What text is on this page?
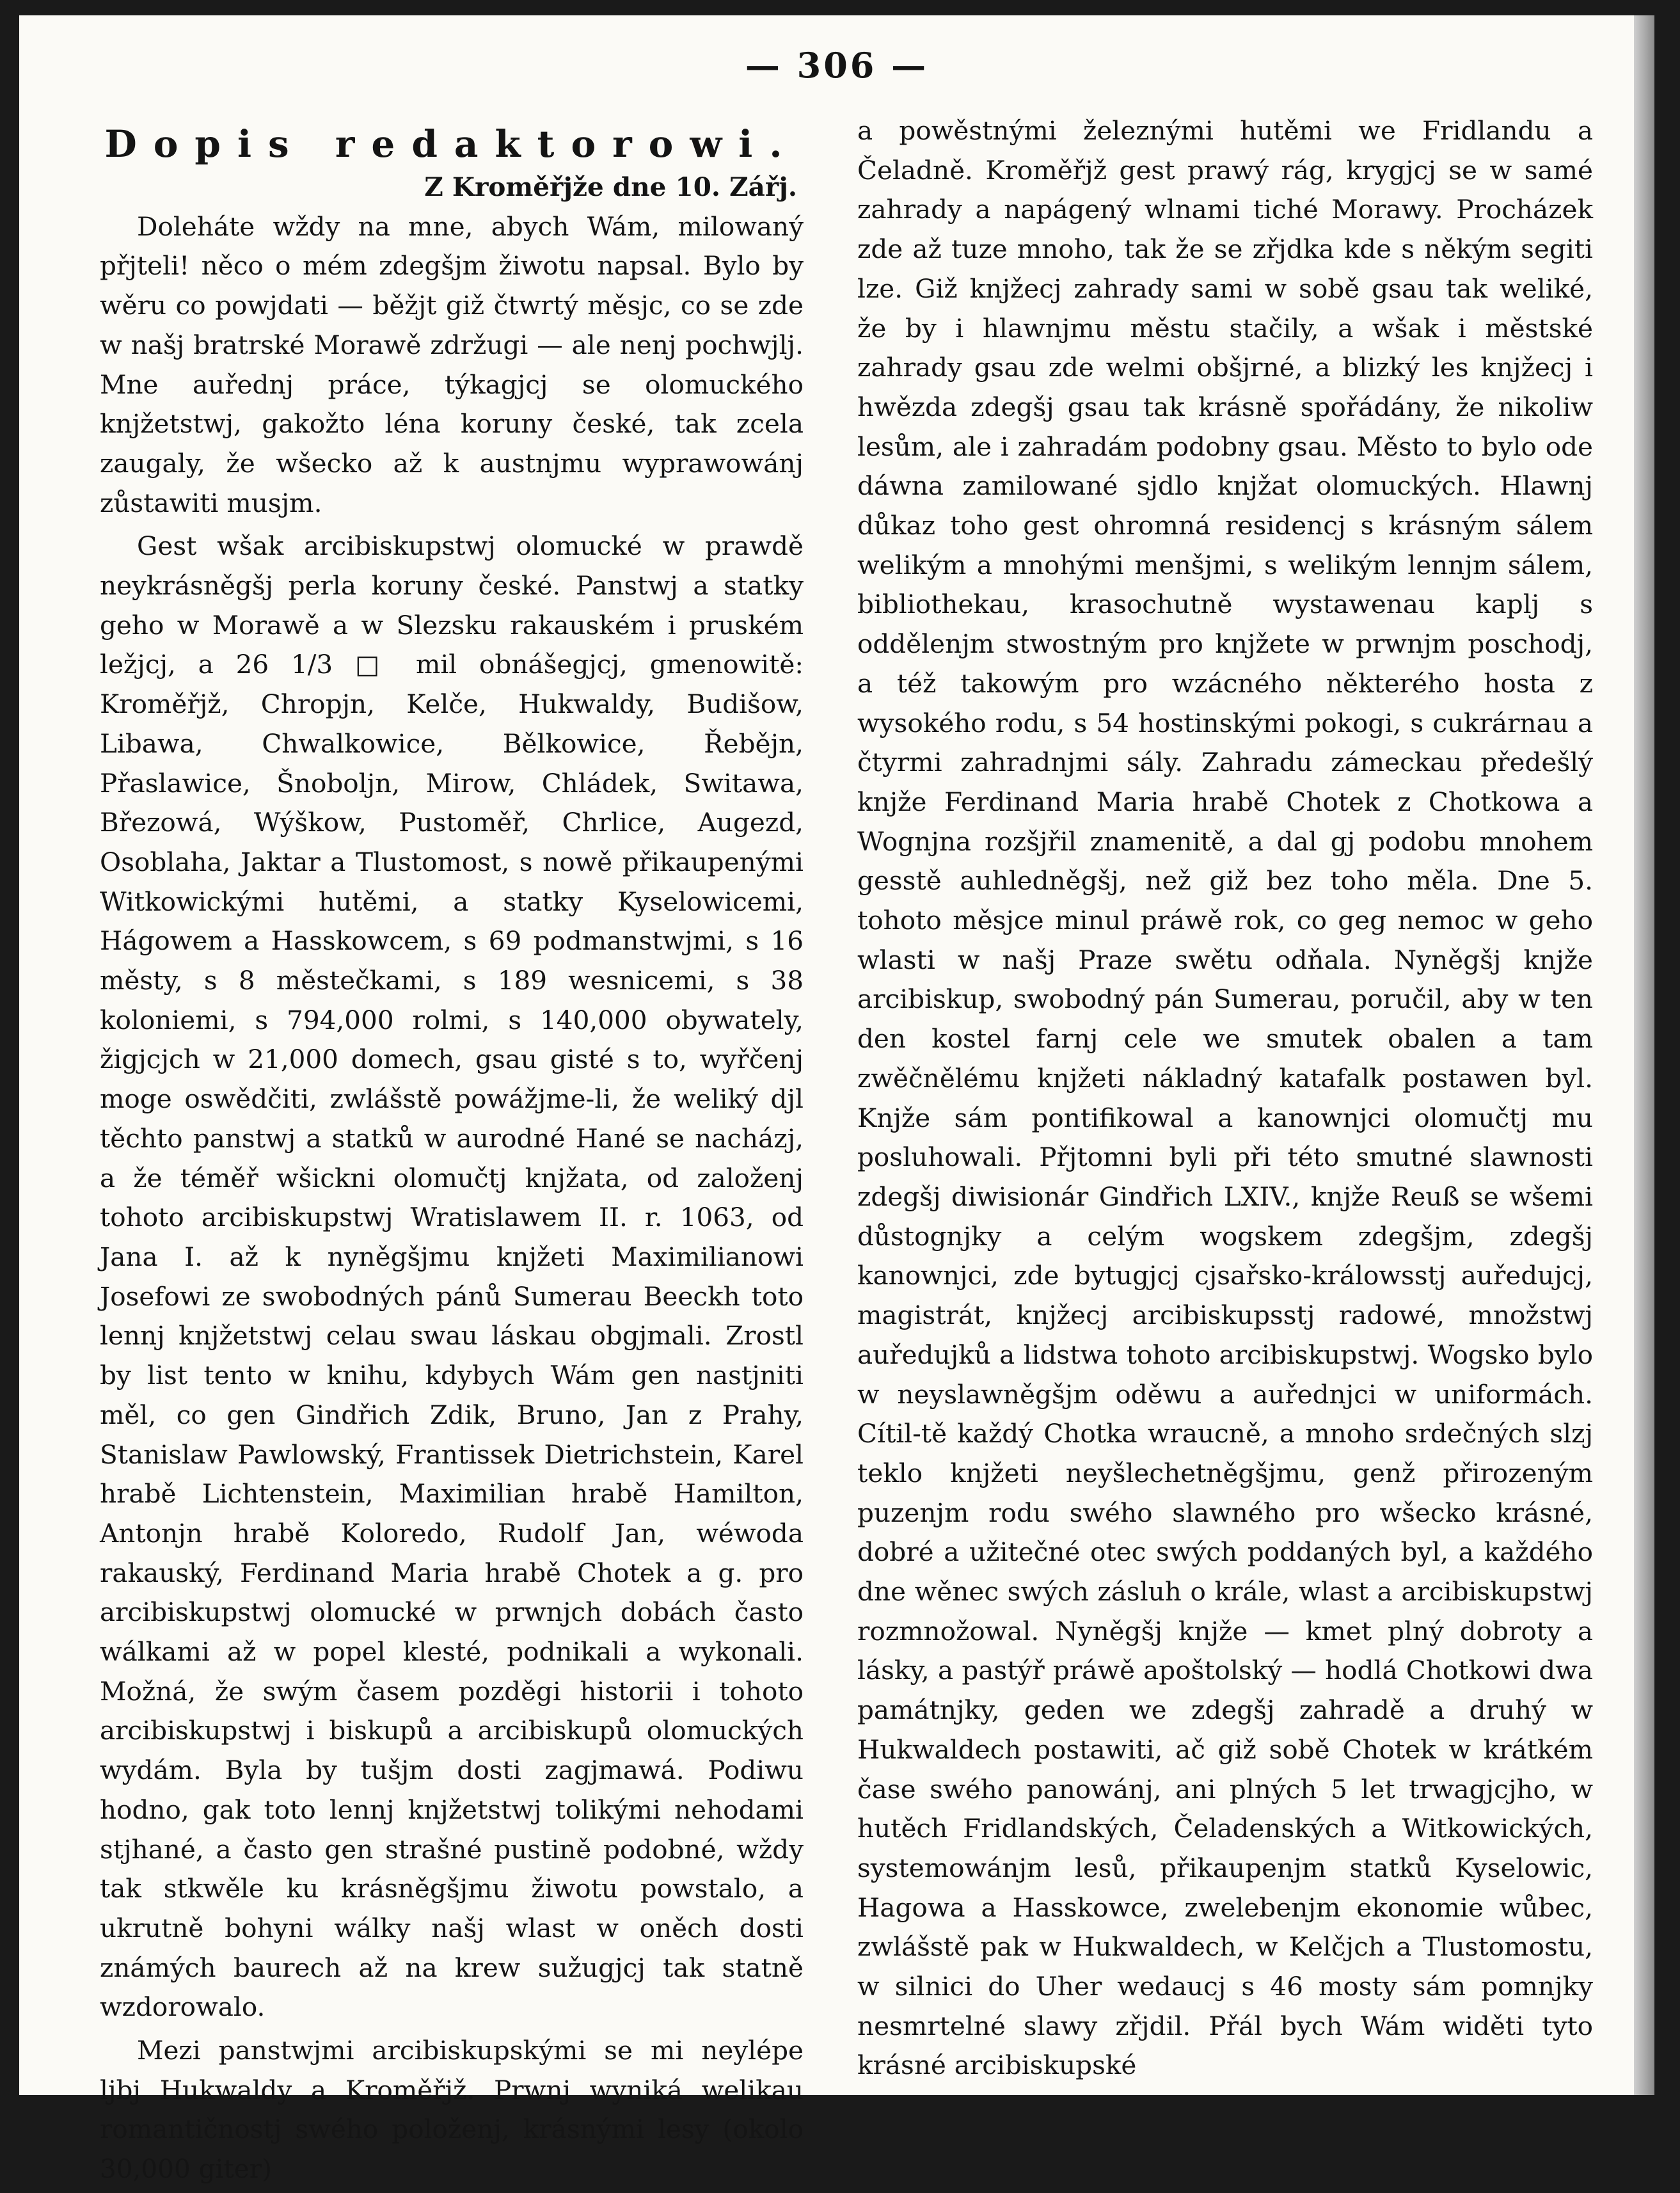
— 306 —
Dopis redaktorowi.

Z Kroměřjže dne 10. Zářj.

Doleháte wždy na mne, abych Wám, milowaný přjteli! něco o mém zdegšjm žiwotu napsal. Bylo by wěru co powjdati — běžjt giž čtwrtý měsjc, co se zde w našj bratrské Morawě zdržugi — ale nenj pochwjlj. Mne auřednj práce, týkagjcj se olomuckého knjžetstwj, gakožto léna koruny české, tak zcela zaugaly, že wšecko až k austnjmu wyprawowánj zůstawiti musjm.

Gest wšak arcibiskupstwj olomucké w prawdě neykrásněgšj perla koruny české. Panstwj a statky geho w Morawě a w Slezsku rakauském i pruském ležjcj, a 26 1/3 □ mil obnášegjcj, gmenowitě: Kroměřjž, Chropjn, Kelče, Hukwaldy, Budišow, Libawa, Chwalkowice, Bělkowice, Řebějn, Přaslawice, Šnoboljn, Mirow, Chládek, Switawa, Březowá, Wýškow, Pustoměř, Chrlice, Augezd, Osoblaha, Jaktar a Tlustomost, s nowě přikaupenými Witkowickými hutěmi, a statky Kyselowicemi, Hágowem a Hasskowcem, s 69 podmanstwjmi, s 16 městy, s 8 městečkami, s 189 wesnicemi, s 38 koloniemi, s 794,000 rolmi, s 140,000 obywately, žigjcjch w 21,000 domech, gsau gisté s to, wyřčenj moge oswědčiti, zwlášstě powážjme-li, že weliký djl těchto panstwj a statků w aurodné Hané se nacházj, a že téměř wšickni olomučtj knjžata, od založenj tohoto arcibiskupstwj Wratislawem II. r. 1063, od Jana I. až k nyněgšjmu knjžeti Maximilianowi Josefowi ze swobodných pánů Sumerau Beeckh toto lennj knjžetstwj celau swau láskau obgjmali. Zrostl by list tento w knihu, kdybych Wám gen nastjniti měl, co gen Gindřich Zdik, Bruno, Jan z Prahy, Stanislaw Pawlowský, Frantissek Dietrichstein, Karel hrabě Lichtenstein, Maximilian hrabě Hamilton, Antonjn hrabě Koloredo, Rudolf Jan, wéwoda rakauský, Ferdinand Maria hrabě Chotek a g. pro arcibiskupstwj olomucké w prwnjch dobách často wálkami až w popel klesté, podnikali a wykonali. Možná, že swým časem pozděgi historii i tohoto arcibiskupstwj i biskupů a arcibiskupů olomuckých wydám. Byla by tušjm dosti zagjmawá. Podiwu hodno, gak toto lennj knjžetstwj tolikými nehodami stjhané, a často gen strašné pustině podobné, wždy tak stkwěle ku krásněgšjmu žiwotu powstalo, a ukrutně bohyni wálky našj wlast w oněch dosti známých baurech až na krew sužugjcj tak statně wzdorowalo.

Mezi panstwjmi arcibiskupskými se mi neylépe ljbj Hukwaldy a Kroměřjž. Prwnj wyniká welikau romantičnostj swého položenj, krásnými lesy (okolo 30,000 giter)

a powěstnými železnými hutěmi we Fridlandu a Čeladně. Kroměřjž gest prawý rág, krygjcj se w samé zahrady a napágený wlnami tiché Morawy. Procházek zde až tuze mnoho, tak že se zřjdka kde s někým segiti lze. Giž knjžecj zahrady sami w sobě gsau tak weliké, že by i hlawnjmu městu stačily, a wšak i městské zahrady gsau zde welmi obšjrné, a blizký les knjžecj i hwězda zdegšj gsau tak krásně spořádány, že nikoliw lesům, ale i zahradám podobny gsau. Město to bylo ode dáwna zamilowané sjdlo knjžat olomuckých. Hlawnj důkaz toho gest ohromná residencj s krásným sálem welikým a mnohými menšjmi, s welikým lennjm sálem, bibliothekau, krasochutně wystawenau kaplj s oddělenjm stwostným pro knjžete w prwnjm poschodj, a též takowým pro wzácného některého hosta z wysokého rodu, s 54 hostinskými pokogi, s cukrárnau a čtyrmi zahradnjmi sály. Zahradu zámeckau předešlý knjže Ferdinand Maria hrabě Chotek z Chotkowa a Wognjna rozšjřil znamenitě, a dal gj podobu mnohem gesstě auhledněgšj, než giž bez toho měla. Dne 5. tohoto měsjce minul práwě rok, co geg nemoc w geho wlasti w našj Praze swětu odňala. Nyněgšj knjže arcibiskup, swobodný pán Sumerau, poručil, aby w ten den kostel farnj cele we smutek obalen a tam zwěčnělému knjžeti nákladný katafalk postawen byl. Knjže sám pontifikowal a kanownjci olomučtj mu posluhowali. Přjtomni byli při této smutné slawnosti zdegšj diwisionár Gindřich LXIV., knjže Reuß se wšemi důstognjky a celým wogskem zdegšjm, zdegšj kanownjci, zde bytugjcj cjsařsko-králowsstj auředujcj, magistrát, knjžecj arcibiskupsstj radowé, množstwj auředujků a lidstwa tohoto arcibiskupstwj. Wogsko bylo w neyslawněgšjm oděwu a auřednjci w uniformách. Cítil-tě každý Chotka wraucně, a mnoho srdečných slzj teklo knjžeti neyšlechetněgšjmu, genž přirozeným puzenjm rodu swého slawného pro wšecko krásné, dobré a užitečné otec swých poddaných byl, a každého dne wěnec swých zásluh o krále, wlast a arcibiskupstwj rozmnožowal. Nyněgšj knjže — kmet plný dobroty a lásky, a pastýř práwě apoštolský — hodlá Chotkowi dwa památnjky, geden we zdegšj zahradě a druhý w Hukwaldech postawiti, ač giž sobě Chotek w krátkém čase swého panowánj, ani plných 5 let trwagjcjho, w hutěch Fridlandských, Čeladenských a Witkowických, systemowánjm lesů, přikaupenjm statků Kyselowic, Hagowa a Hasskowce, zwelebenjm ekonomie wůbec, zwlášstě pak w Hukwaldech, w Kelčjch a Tlustomostu, w silnici do Uher wedaucj s 46 mosty sám pomnjky nesmrtelné slawy zřjdil. Přál bych Wám widěti tyto krásné arcibiskupské
